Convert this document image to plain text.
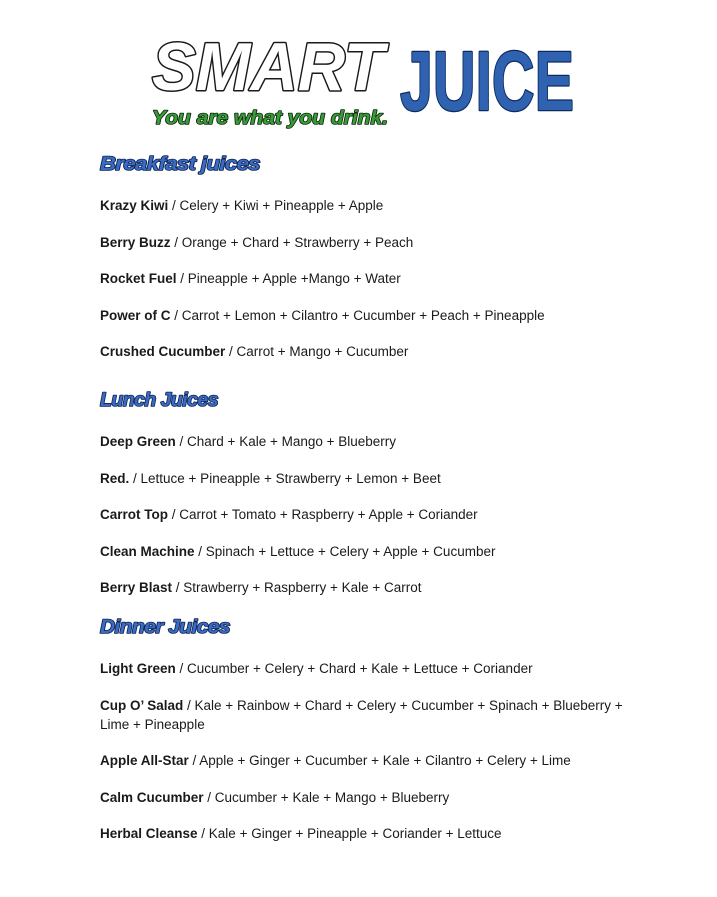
SMART JUICE
You are what you drink.
Breakfast juices

Krazy Kiwi / Celery + Kiwi + Pineapple + Apple

Berry Buzz / Orange + Chard + Strawberry + Peach

Rocket Fuel / Pineapple + Apple +Mango + Water

Power of C / Carrot + Lemon + Cilantro + Cucumber + Peach + Pineapple

Crushed Cucumber / Carrot + Mango + Cucumber

Lunch Juices

Deep Green / Chard + Kale + Mango + Blueberry

Red. / Lettuce + Pineapple + Strawberry + Lemon + Beet

Carrot Top / Carrot + Tomato + Raspberry + Apple + Coriander

Clean Machine / Spinach + Lettuce + Celery + Apple + Cucumber

Berry Blast / Strawberry + Raspberry + Kale + Carrot

Dinner Juices

Light Green / Cucumber + Celery + Chard + Kale + Lettuce + Coriander

Cup O’ Salad / Kale + Rainbow + Chard + Celery + Cucumber + Spinach + Blueberry + Lime + Pineapple

Apple All-Star / Apple + Ginger + Cucumber + Kale + Cilantro + Celery + Lime

Calm Cucumber / Cucumber + Kale + Mango + Blueberry

Herbal Cleanse / Kale + Ginger + Pineapple + Coriander + Lettuce
